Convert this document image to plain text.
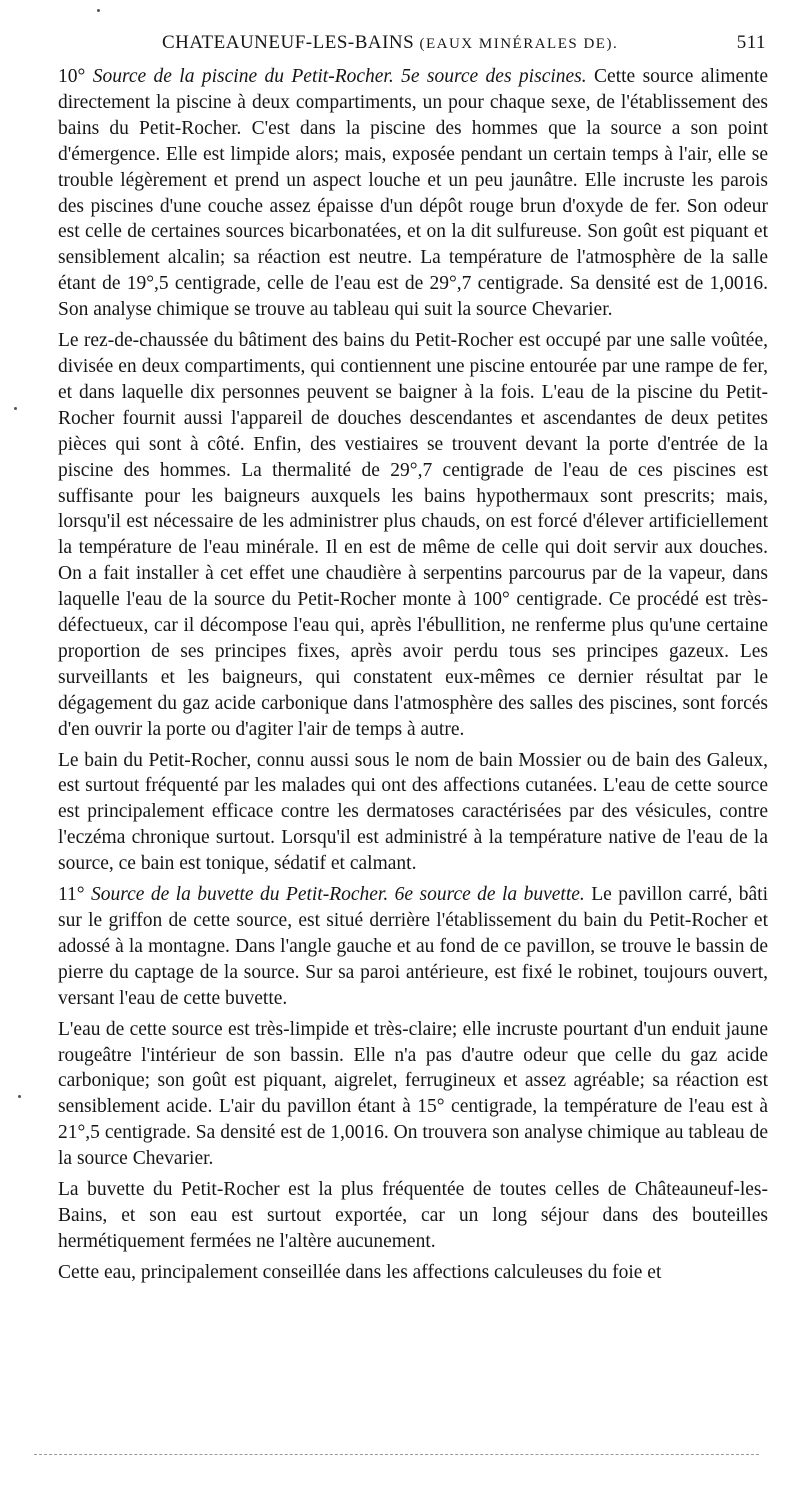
CHATEAUNEUF-LES-BAINS (EAUX MINÉRALES DE).	511

10° Source de la piscine du Petit-Rocher. 5e source des piscines. Cette source alimente directement la piscine à deux compartiments, un pour chaque sexe, de l'établissement des bains du Petit-Rocher. C'est dans la piscine des hommes que la source a son point d'émergence. Elle est limpide alors; mais, exposée pendant un certain temps à l'air, elle se trouble légèrement et prend un aspect louche et un peu jaunâtre. Elle incruste les parois des piscines d'une couche assez épaisse d'un dépôt rouge brun d'oxyde de fer. Son odeur est celle de certaines sources bicarbonatées, et on la dit sulfureuse. Son goût est piquant et sensiblement alcalin; sa réaction est neutre. La température de l'atmosphère de la salle étant de 19°,5 centigrade, celle de l'eau est de 29°,7 centigrade. Sa densité est de 1,0016. Son analyse chimique se trouve au tableau qui suit la source Chevarier.

Le rez-de-chaussée du bâtiment des bains du Petit-Rocher est occupé par une salle voûtée, divisée en deux compartiments, qui contiennent une piscine entourée par une rampe de fer, et dans laquelle dix personnes peuvent se baigner à la fois. L'eau de la piscine du Petit-Rocher fournit aussi l'appareil de douches descendantes et ascendantes de deux petites pièces qui sont à côté. Enfin, des vestiaires se trouvent devant la porte d'entrée de la piscine des hommes. La thermalité de 29°,7 centigrade de l'eau de ces piscines est suffisante pour les baigneurs auxquels les bains hypothermaux sont prescrits; mais, lorsqu'il est nécessaire de les administrer plus chauds, on est forcé d'élever artificiellement la température de l'eau minérale. Il en est de même de celle qui doit servir aux douches. On a fait installer à cet effet une chaudière à serpentins parcourus par de la vapeur, dans laquelle l'eau de la source du Petit-Rocher monte à 100° centigrade. Ce procédé est très-défectueux, car il décompose l'eau qui, après l'ébullition, ne renferme plus qu'une certaine proportion de ses principes fixes, après avoir perdu tous ses principes gazeux. Les surveillants et les baigneurs, qui constatent eux-mêmes ce dernier résultat par le dégagement du gaz acide carbonique dans l'atmosphère des salles des piscines, sont forcés d'en ouvrir la porte ou d'agiter l'air de temps à autre.

Le bain du Petit-Rocher, connu aussi sous le nom de bain Mossier ou de bain des Galeux, est surtout fréquenté par les malades qui ont des affections cutanées. L'eau de cette source est principalement efficace contre les dermatoses caractérisées par des vésicules, contre l'eczéma chronique surtout. Lorsqu'il est administré à la température native de l'eau de la source, ce bain est tonique, sédatif et calmant.

11° Source de la buvette du Petit-Rocher. 6e source de la buvette. Le pavillon carré, bâti sur le griffon de cette source, est situé derrière l'établissement du bain du Petit-Rocher et adossé à la montagne. Dans l'angle gauche et au fond de ce pavillon, se trouve le bassin de pierre du captage de la source. Sur sa paroi antérieure, est fixé le robinet, toujours ouvert, versant l'eau de cette buvette.

L'eau de cette source est très-limpide et très-claire; elle incruste pourtant d'un enduit jaune rougeâtre l'intérieur de son bassin. Elle n'a pas d'autre odeur que celle du gaz acide carbonique; son goût est piquant, aigrelet, ferrugineux et assez agréable; sa réaction est sensiblement acide. L'air du pavillon étant à 15° centigrade, la température de l'eau est à 21°,5 centigrade. Sa densité est de 1,0016. On trouvera son analyse chimique au tableau de la source Chevarier.

La buvette du Petit-Rocher est la plus fréquentée de toutes celles de Châteauneuf-les-Bains, et son eau est surtout exportée, car un long séjour dans des bouteilles hermétiquement fermées ne l'altère aucunement.

Cette eau, principalement conseillée dans les affections calculeuses du foie et
